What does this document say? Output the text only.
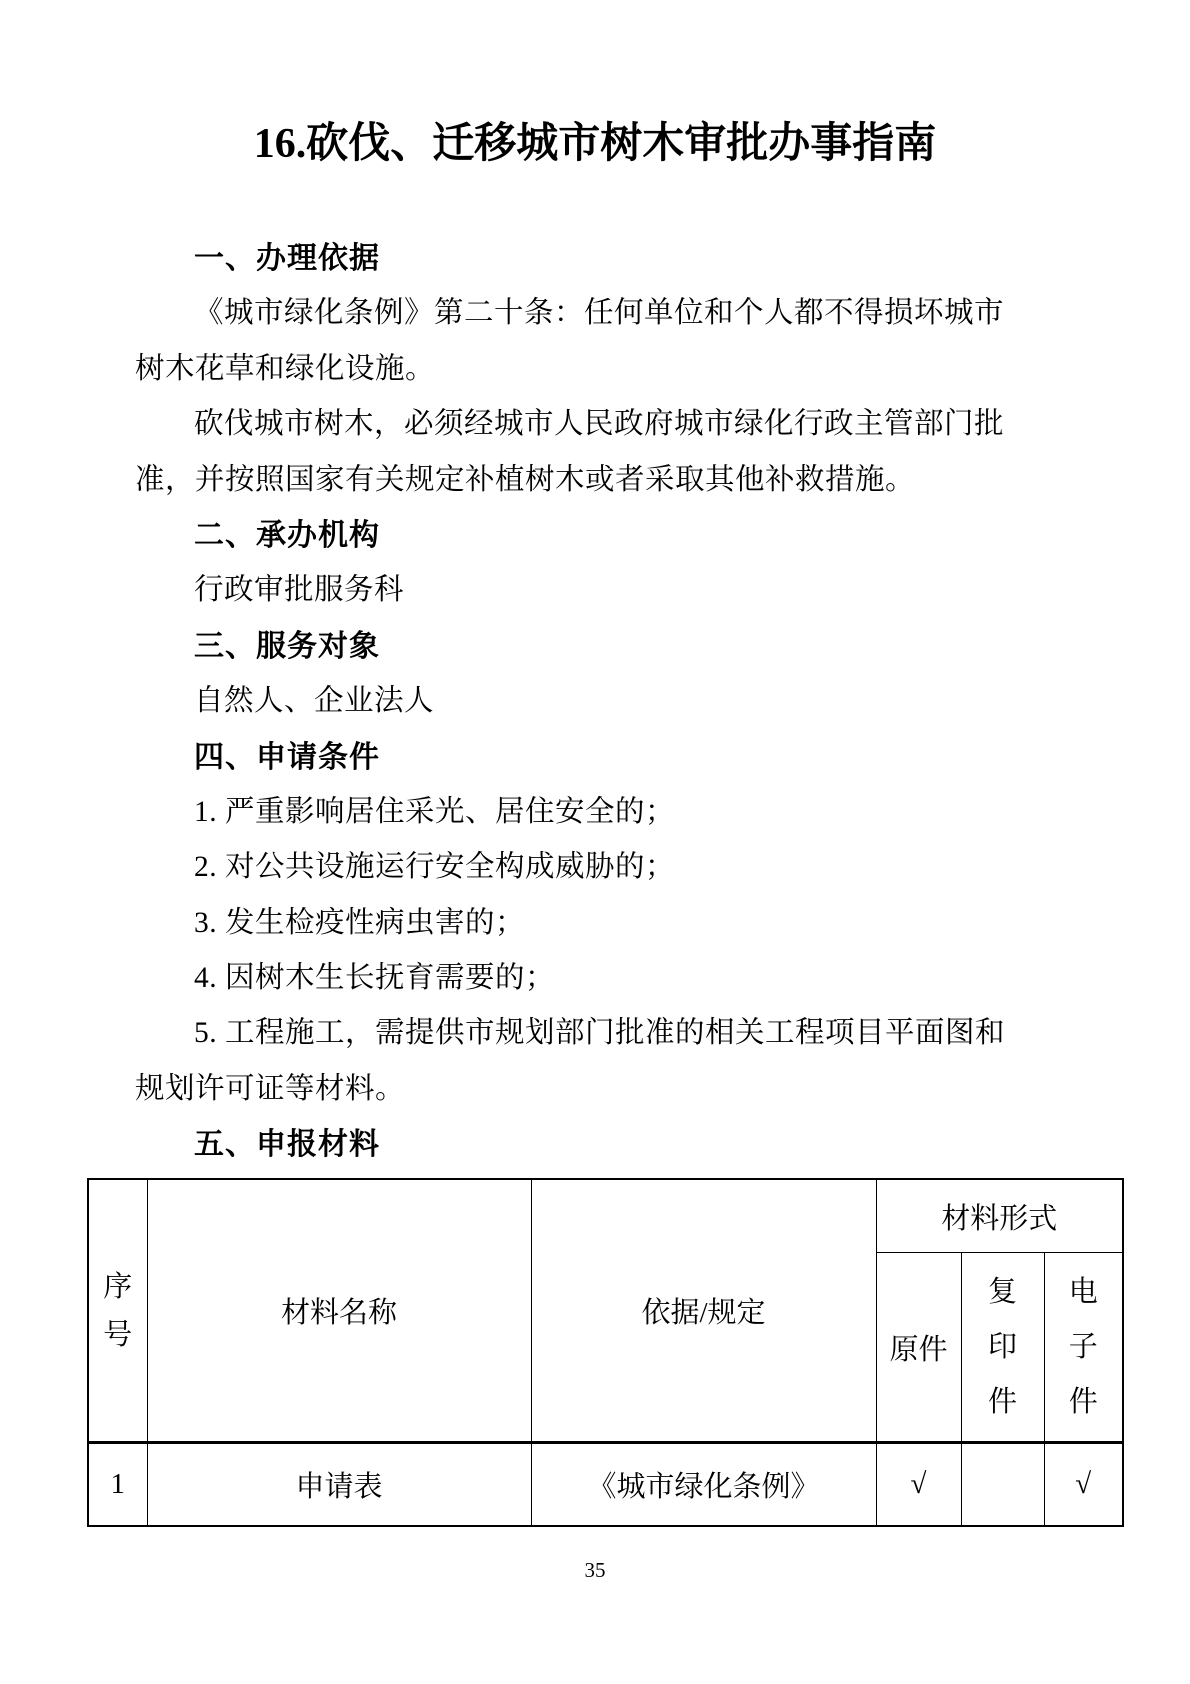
16.砍伐、迁移城市树木审批办事指南
一、办理依据
《城市绿化条例》第二十条：任何单位和个人都不得损坏城市
树木花草和绿化设施。
砍伐城市树木，必须经城市人民政府城市绿化行政主管部门批
准，并按照国家有关规定补植树木或者采取其他补救措施。
二、承办机构
行政审批服务科
三、服务对象
自然人、企业法人
四、申请条件
1. 严重影响居住采光、居住安全的；
2. 对公共设施运行安全构成威胁的；
3. 发生检疫性病虫害的；
4. 因树木生长抚育需要的；
5. 工程施工，需提供市规划部门批准的相关工程项目平面图和
规划许可证等材料。
五、申报材料
序号	材料名称	依据/规定	材料形式		
			原件	复印件	电子件

1	申请表	《城市绿化条例》	√		√
35
